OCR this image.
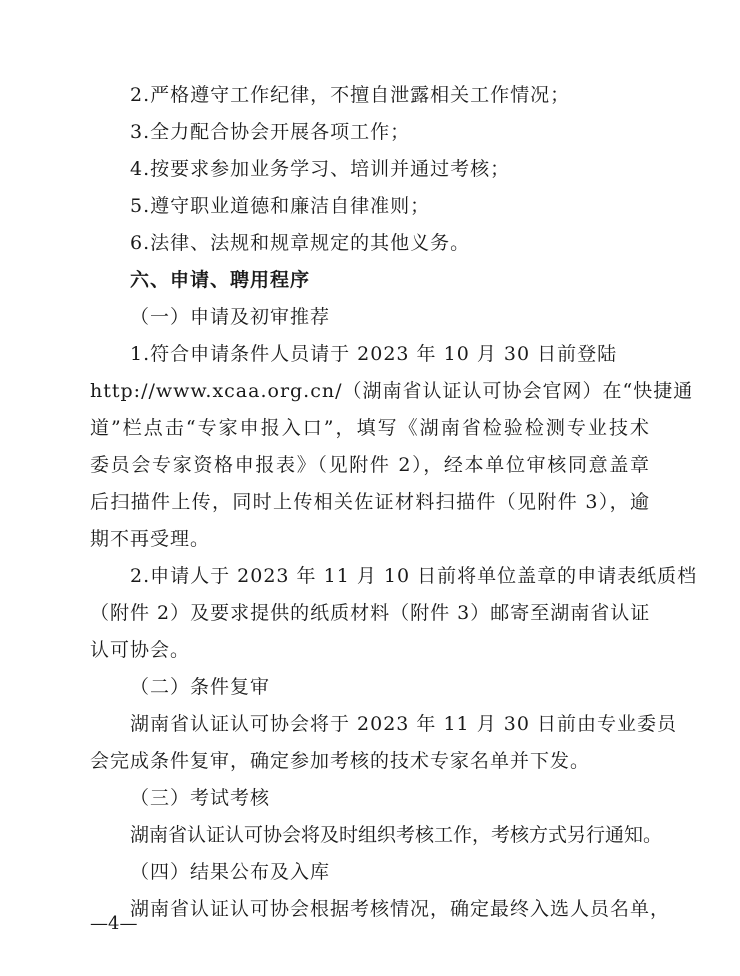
2.严格遵守工作纪律，不擅自泄露相关工作情况；
3.全力配合协会开展各项工作；
4.按要求参加业务学习、培训并通过考核；
5.遵守职业道德和廉洁自律准则；
6.法律、法规和规章规定的其他义务。
六、申请、聘用程序
（一）申请及初审推荐
1.符合申请条件人员请于 2023 年 10 月 30 日前登陆
http://www.xcaa.org.cn/（湖南省认证认可协会官网）在“快捷通
道”栏点击“专家申报入口”，填写《湖南省检验检测专业技术
委员会专家资格申报表》（见附件 2），经本单位审核同意盖章
后扫描件上传，同时上传相关佐证材料扫描件（见附件 3），逾
期不再受理。
2.申请人于 2023 年 11 月 10 日前将单位盖章的申请表纸质档
（附件 2）及要求提供的纸质材料（附件 3）邮寄至湖南省认证
认可协会。
（二）条件复审
湖南省认证认可协会将于 2023 年 11 月 30 日前由专业委员
会完成条件复审，确定参加考核的技术专家名单并下发。
（三）考试考核
湖南省认证认可协会将及时组织考核工作，考核方式另行通知。
（四）结果公布及入库
湖南省认证认可协会根据考核情况，确定最终入选人员名单，
—4—
